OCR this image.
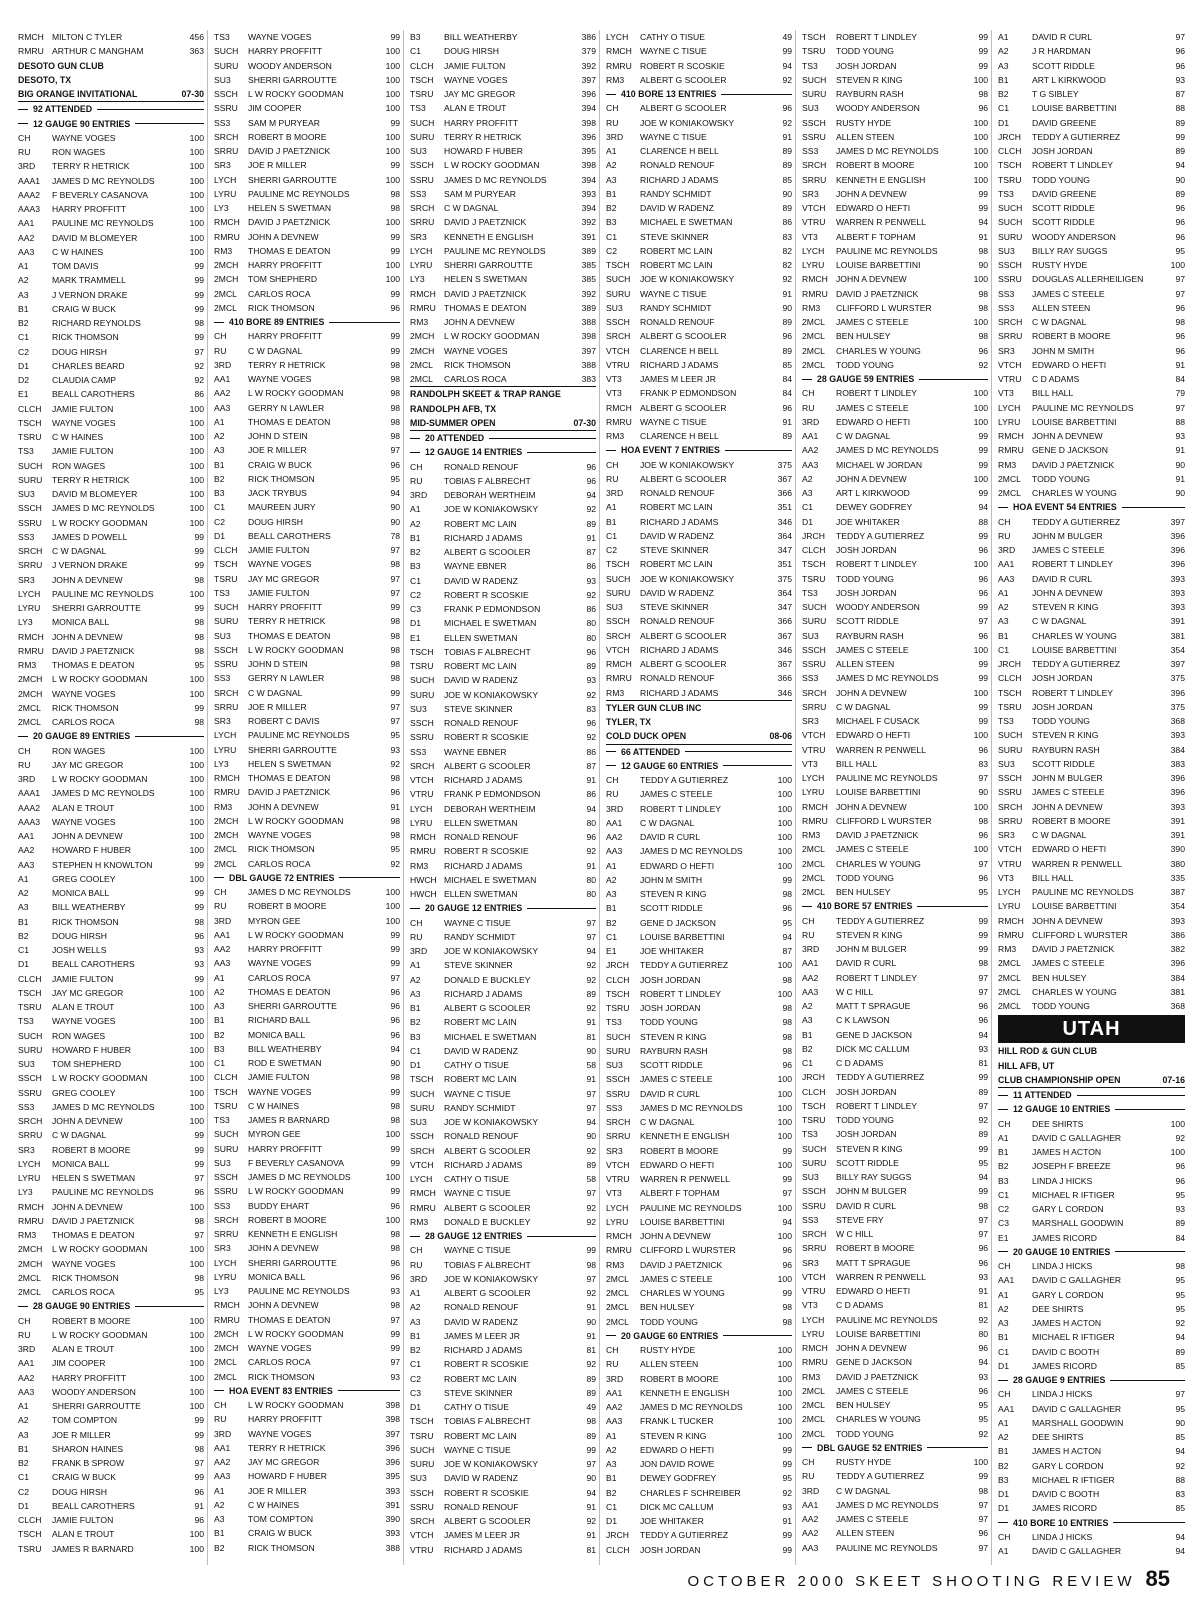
RMCH MILTON C TYLER	456
RMRU ARTHUR C MANGHAM	363
DESOTO GUN CLUB
DESOTO, TX
BIG ORANGE INVITATIONAL	07-30
92 ATTENDED
12 GAUGE 90 ENTRIES
CH	WAYNE VOGES	100
RU	RON WAGES	100
3RD	TERRY R HETRICK	100
AAA1	JAMES D MC REYNOLDS	100
AAA2	F BEVERLY CASANOVA	100
AAA3	HARRY PROFFITT	100
AA1	PAULINE MC REYNOLDS	100
AA2	DAVID M BLOMEYER	100
AA3	C W HAINES	100
A1	TOM DAVIS	99
A2	MARK TRAMMELL	99
A3	J VERNON DRAKE	99
B1	CRAIG W BUCK	99
B2	RICHARD REYNOLDS	98
C1	RICK THOMSON	99
C2	DOUG HIRSH	97
D1	CHARLES BEARD	92
D2	CLAUDIA CAMP	92
E1	BEALL CAROTHERS	86
CLCH	JAMIE FULTON	100
TSCH	WAYNE VOGES	100
TSRU	C W HAINES	100
TS3	JAMIE FULTON	100
SUCH	RON WAGES	100
SURU	TERRY R HETRICK	100
SU3	DAVID M BLOMEYER	100
SSCH	JAMES D MC REYNOLDS	100
SSRU	L W ROCKY GOODMAN	100
SS3	JAMES D POWELL	99
SRCH	C W DAGNAL	99
SRRU	J VERNON DRAKE	99
SR3	JOHN A DEVNEW	98
LYCH	PAULINE MC REYNOLDS	100
LYRU	SHERRI GARROUTTE	99
LY3	MONICA BALL	98
RMCH JOHN A DEVNEW	98
RMRU DAVID J PAETZNICK	98
RM3	THOMAS E DEATON	95
2MCH	L W ROCKY GOODMAN	100
2MCH	WAYNE VOGES	100
2MCL	RICK THOMSON	99
2MCL	CARLOS ROCA	98
20 GAUGE 89 ENTRIES
CH	RON WAGES	100
RU	JAY MC GREGOR	100
3RD	L W ROCKY GOODMAN	100
AAA1	JAMES D MC REYNOLDS	100
AAA2	ALAN E TROUT	100
AAA3	WAYNE VOGES	100
AA1	JOHN A DEVNEW	100
AA2	HOWARD F HUBER	100
AA3	STEPHEN H KNOWLTON	99
A1	GREG COOLEY	100
A2	MONICA BALL	99
A3	BILL WEATHERBY	99
B1	RICK THOMSON	98
B2	DOUG HIRSH	96
C1	JOSH WELLS	93
D1	BEALL CAROTHERS	93
CLCH	JAMIE FULTON	99
TSCH	JAY MC GREGOR	100
TSRU	ALAN E TROUT	100
TS3	WAYNE VOGES	100
SUCH	RON WAGES	100
SURU	HOWARD F HUBER	100
SU3	TOM SHEPHERD	100
SSCH	L W ROCKY GOODMAN	100
SSRU	GREG COOLEY	100
SS3	JAMES D MC REYNOLDS	100
SRCH	JOHN A DEVNEW	100
SRRU	C W DAGNAL	99
SR3	ROBERT B MOORE	99
LYCH	MONICA BALL	99
LYRU	HELEN S SWETMAN	97
LY3	PAULINE MC REYNOLDS	96
RMCH JOHN A DEVNEW	100
RMRU DAVID J PAETZNICK	98
RM3	THOMAS E DEATON	97
2MCH	L W ROCKY GOODMAN	100
2MCH	WAYNE VOGES	100
2MCL	RICK THOMSON	98
2MCL	CARLOS ROCA	95
28 GAUGE 90 ENTRIES
CH	ROBERT B MOORE	100
RU	L W ROCKY GOODMAN	100
3RD	ALAN E TROUT	100
AA1	JIM COOPER	100
AA2	HARRY PROFFITT	100
AA3	WOODY ANDERSON	100
A1	SHERRI GARROUTTE	100
A2	TOM COMPTON	99
A3	JOE R MILLER	99
B1	SHARON HAINES	98
B2	FRANK B SPROW	97
C1	CRAIG W BUCK	99
C2	DOUG HIRSH	96
D1	BEALL CAROTHERS	91
CLCH	JAMIE FULTON	96
TSCH	ALAN E TROUT	100
TSRU	JAMES R BARNARD	100
TS3	WAYNE VOGES	99
SUCH	HARRY PROFFITT	100
SURU	WOODY ANDERSON	100
SU3	SHERRI GARROUTTE	100
SSCH	L W ROCKY GOODMAN	100
SSRU	JIM COOPER	100
SS3	SAM M PURYEAR	99
SRCH	ROBERT B MOORE	100
SRRU	DAVID J PAETZNICK	100
SR3	JOE R MILLER	99
LYCH	SHERRI GARROUTTE	100
LYRU	PAULINE MC REYNOLDS	98
LY3	HELEN S SWETMAN	98
RMCH DAVID J PAETZNICK	100
RMRU JOHN A DEVNEW	99
RM3	THOMAS E DEATON	99
2MCH	HARRY PROFFITT	100
2MCH	TOM SHEPHERD	100
2MCL	CARLOS ROCA	99
2MCL	RICK THOMSON	96
410 BORE 89 ENTRIES
CH	HARRY PROFFITT	99
RU	C W DAGNAL	99
3RD	TERRY R HETRICK	98
AA1	WAYNE VOGES	98
AA2	L W ROCKY GOODMAN	98
AA3	GERRY N LAWLER	98
A1	THOMAS E DEATON	98
A2	JOHN D STEIN	98
A3	JOE R MILLER	97
B1	CRAIG W BUCK	96
B2	RICK THOMSON	95
B3	JACK TRYBUS	94
C1	MAUREEN JURY	90
C2	DOUG HIRSH	90
D1	BEALL CAROTHERS	78
CLCH	JAMIE FULTON	97
TSCH	WAYNE VOGES	98
TSRU	JAY MC GREGOR	97
TS3	JAMIE FULTON	97
SUCH	HARRY PROFFITT	99
SURU	TERRY R HETRICK	98
SU3	THOMAS E DEATON	98
SSCH	L W ROCKY GOODMAN	98
SSRU	JOHN D STEIN	98
SS3	GERRY N LAWLER	98
SRCH	C W DAGNAL	99
SRRU	JOE R MILLER	97
SR3	ROBERT C DAVIS	97
LYCH	PAULINE MC REYNOLDS	95
LYRU	SHERRI GARROUTTE	93
LY3	HELEN S SWETMAN	92
RMCH THOMAS E DEATON	98
RMRU DAVID J PAETZNICK	96
RM3	JOHN A DEVNEW	91
2MCH	L W ROCKY GOODMAN	98
2MCH	WAYNE VOGES	98
2MCL	RICK THOMSON	95
2MCL	CARLOS ROCA	92
DBL GAUGE 72 ENTRIES
CH	JAMES D MC REYNOLDS	100
RU	ROBERT B MOORE	100
3RD	MYRON GEE	100
AA1	L W ROCKY GOODMAN	99
AA2	HARRY PROFFITT	99
AA3	WAYNE VOGES	99
A1	CARLOS ROCA	97
A2	THOMAS E DEATON	96
A3	SHERRI GARROUTTE	96
B1	RICHARD BALL	96
B2	MONICA BALL	96
B3	BILL WEATHERBY	94
C1	ROD E SWETMAN	90
CLCH	JAMIE FULTON	98
TSCH	WAYNE VOGES	99
TSRU	C W HAINES	98
TS3	JAMES R BARNARD	98
SUCH	MYRON GEE	100
SURU	HARRY PROFFITT	99
SU3	F BEVERLY CASANOVA	99
SSCH	JAMES D MC REYNOLDS	100
SSRU	L W ROCKY GOODMAN	99
SS3	BUDDY EHART	96
SRCH	ROBERT B MOORE	100
SRRU	KENNETH E ENGLISH	98
SR3	JOHN A DEVNEW	98
LYCH	SHERRI GARROUTTE	96
LYRU	MONICA BALL	96
LY3	PAULINE MC REYNOLDS	93
RMCH JOHN A DEVNEW	98
RMRU THOMAS E DEATON	97
2MCH	L W ROCKY GOODMAN	99
2MCH	WAYNE VOGES	99
2MCL	CARLOS ROCA	97
2MCL	RICK THOMSON	93
HOA EVENT 83 ENTRIES
CH	L W ROCKY GOODMAN	398
RU	HARRY PROFFITT	398
3RD	WAYNE VOGES	397
AA1	TERRY R HETRICK	396
AA2	JAY MC GREGOR	396
AA3	HOWARD F HUBER	395
A1	JOE R MILLER	393
A2	C W HAINES	391
A3	TOM COMPTON	390
B1	CRAIG W BUCK	393
B2	RICK THOMSON	388
B3	BILL WEATHERBY	386
C1	DOUG HIRSH	379
CLCH	JAMIE FULTON	392
TSCH	WAYNE VOGES	397
TSRU	JAY MC GREGOR	396
TS3	ALAN E TROUT	394
SUCH	HARRY PROFFITT	398
SURU	TERRY R HETRICK	396
SU3	HOWARD F HUBER	395
SSCH	L W ROCKY GOODMAN	398
SSRU	JAMES D MC REYNOLDS	394
SS3	SAM M PURYEAR	393
SRCH	C W DAGNAL	394
SRRU	DAVID J PAETZNICK	392
SR3	KENNETH E ENGLISH	391
LYCH	PAULINE MC REYNOLDS	389
LYRU	SHERRI GARROUTTE	385
LY3	HELEN S SWETMAN	385
RMCH DAVID J PAETZNICK	392
RMRU THOMAS E DEATON	389
RM3	JOHN A DEVNEW	388
2MCH	L W ROCKY GOODMAN	398
2MCH	WAYNE VOGES	397
2MCL	RICK THOMSON	388
2MCL	CARLOS ROCA	383
RANDOLPH SKEET & TRAP RANGE
RANDOLPH AFB, TX
MID-SUMMER OPEN	07-30
20 ATTENDED
12 GAUGE 14 ENTRIES
CH	RONALD RENOUF	96
RU	TOBIAS F ALBRECHT	96
3RD	DEBORAH WERTHEIM	94
A1	JOE W KONIAKOWSKY	92
A2	ROBERT MC LAIN	89
B1	RICHARD J ADAMS	91
B2	ALBERT G SCOOLER	87
B3	WAYNE EBNER	86
C1	DAVID W RADENZ	93
C2	ROBERT R SCOSKIE	92
C3	FRANK P EDMONDSON	86
D1	MICHAEL E SWETMAN	80
E1	ELLEN SWETMAN	80
TSCH	TOBIAS F ALBRECHT	96
TSRU	ROBERT MC LAIN	89
SUCH	DAVID W RADENZ	93
SURU	JOE W KONIAKOWSKY	92
SU3	STEVE SKINNER	83
SSCH	RONALD RENOUF	96
SSRU	ROBERT R SCOSKIE	92
SS3	WAYNE EBNER	86
SRCH	ALBERT G SCOOLER	87
VTCH	RICHARD J ADAMS	91
VTRU	FRANK P EDMONDSON	86
LYCH	DEBORAH WERTHEIM	94
LYRU	ELLEN SWETMAN	80
RMCH RONALD RENOUF	96
RMRU ROBERT R SCOSKIE	92
RM3	RICHARD J ADAMS	91
HWCH MICHAEL E SWETMAN	80
HWCH ELLEN SWETMAN	80
20 GAUGE 12 ENTRIES
CH	WAYNE C TISUE	97
RU	RANDY SCHMIDT	97
3RD	JOE W KONIAKOWSKY	94
A1	STEVE SKINNER	92
A2	DONALD E BUCKLEY	92
A3	RICHARD J ADAMS	89
B1	ALBERT G SCOOLER	92
B2	ROBERT MC LAIN	91
B3	MICHAEL E SWETMAN	81
C1	DAVID W RADENZ	90
D1	CATHY O TISUE	58
TSCH	ROBERT MC LAIN	91
SUCH	WAYNE C TISUE	97
SURU	RANDY SCHMIDT	97
SU3	JOE W KONIAKOWSKY	94
SSCH	RONALD RENOUF	90
SRCH	ALBERT G SCOOLER	92
VTCH	RICHARD J ADAMS	89
LYCH	CATHY O TISUE	58
RMCH WAYNE C TISUE	97
RMRU ALBERT G SCOOLER	92
RM3	DONALD E BUCKLEY	92
28 GAUGE 12 ENTRIES
CH	WAYNE C TISUE	99
RU	TOBIAS F ALBRECHT	98
3RD	JOE W KONIAKOWSKY	97
A1	ALBERT G SCOOLER	92
A2	RONALD RENOUF	91
A3	DAVID W RADENZ	90
B1	JAMES M LEER JR	91
B2	RICHARD J ADAMS	81
C1	ROBERT R SCOSKIE	92
C2	ROBERT MC LAIN	89
C3	STEVE SKINNER	89
D1	CATHY O TISUE	49
TSCH	TOBIAS F ALBRECHT	98
TSRU	ROBERT MC LAIN	89
SUCH	WAYNE C TISUE	99
SURU	JOE W KONIAKOWSKY	97
SU3	DAVID W RADENZ	90
SSCH	ROBERT R SCOSKIE	94
SSRU	RONALD RENOUF	91
SRCH	ALBERT G SCOOLER	92
VTCH	JAMES M LEER JR	91
VTRU	RICHARD J ADAMS	81
LYCH	CATHY O TISUE	49
RMCH WAYNE C TISUE	99
RMRU ROBERT R SCOSKIE	94
RM3	ALBERT G SCOOLER	92
410 BORE 13 ENTRIES
CH	ALBERT G SCOOLER	96
RU	JOE W KONIAKOWSKY	92
3RD	WAYNE C TISUE	91
A1	CLARENCE H BELL	89
A2	RONALD RENOUF	89
A3	RICHARD J ADAMS	85
B1	RANDY SCHMIDT	90
B2	DAVID W RADENZ	89
B3	MICHAEL E SWETMAN	86
C1	STEVE SKINNER	83
C2	ROBERT MC LAIN	82
TSCH	ROBERT MC LAIN	82
SUCH	JOE W KONIAKOWSKY	92
SURU	WAYNE C TISUE	91
SU3	RANDY SCHMIDT	90
SSCH	RONALD RENOUF	89
SRCH	ALBERT G SCOOLER	96
VTCH	CLARENCE H BELL	89
VTRU	RICHARD J ADAMS	85
VT3	JAMES M LEER JR	84
VT3	FRANK P EDMONDSON	84
RMCH ALBERT G SCOOLER	96
RMRU WAYNE C TISUE	91
RM3	CLARENCE H BELL	89
HOA EVENT 7 ENTRIES
CH	JOE W KONIAKOWSKY	375
RU	ALBERT G SCOOLER	367
3RD	RONALD RENOUF	366
A1	ROBERT MC LAIN	351
B1	RICHARD J ADAMS	346
C1	DAVID W RADENZ	364
C2	STEVE SKINNER	347
TSCH	ROBERT MC LAIN	351
SUCH	JOE W KONIAKOWSKY	375
SURU	DAVID W RADENZ	364
SU3	STEVE SKINNER	347
SSCH	RONALD RENOUF	366
SRCH	ALBERT G SCOOLER	367
VTCH	RICHARD J ADAMS	346
RMCH ALBERT G SCOOLER	367
RMRU RONALD RENOUF	366
RM3	RICHARD J ADAMS	346
TYLER GUN CLUB INC
TYLER, TX
COLD DUCK OPEN	08-06
66 ATTENDED
12 GAUGE 60 ENTRIES
CH	TEDDY A GUTIERREZ	100
RU	JAMES C STEELE	100
3RD	ROBERT T LINDLEY	100
AA1	C W DAGNAL	100
AA2	DAVID R CURL	100
AA3	JAMES D MC REYNOLDS	100
A1	EDWARD O HEFTI	100
A2	JOHN M SMITH	99
A3	STEVEN R KING	98
B1	SCOTT RIDDLE	96
B2	GENE D JACKSON	95
C1	LOUISE BARBETTINI	94
E1	JOE WHITAKER	87
JRCH	TEDDY A GUTIERREZ	100
CLCH	JOSH JORDAN	98
TSCH	ROBERT T LINDLEY	100
TSRU	JOSH JORDAN	98
TS3	TODD YOUNG	98
SUCH	STEVEN R KING	98
SURU	RAYBURN RASH	98
SU3	SCOTT RIDDLE	96
SSCH	JAMES C STEELE	100
SSRU	DAVID R CURL	100
SS3	JAMES D MC REYNOLDS	100
SRCH	C W DAGNAL	100
SRRU	KENNETH E ENGLISH	100
SR3	ROBERT B MOORE	99
VTCH	EDWARD O HEFTI	100
VTRU	WARREN R PENWELL	99
VT3	ALBERT F TOPHAM	97
LYCH	PAULINE MC REYNOLDS	100
LYRU	LOUISE BARBETTINI	94
RMCH JOHN A DEVNEW	100
RMRU CLIFFORD L WURSTER	96
RM3	DAVID J PAETZNICK	96
2MCL	JAMES C STEELE	100
2MCL	CHARLES W YOUNG	99
2MCL	BEN HULSEY	98
2MCL	TODD YOUNG	98
20 GAUGE 60 ENTRIES
CH	RUSTY HYDE	100
RU	ALLEN STEEN	100
3RD	ROBERT B MOORE	100
AA1	KENNETH E ENGLISH	100
AA2	JAMES D MC REYNOLDS	100
AA3	FRANK L TUCKER	100
A1	STEVEN R KING	100
A2	EDWARD O HEFTI	99
A3	JON DAVID ROWE	99
B1	DEWEY GODFREY	95
B2	CHARLES F SCHREIBER	92
C1	DICK MC CALLUM	93
D1	JOE WHITAKER	91
JRCH	TEDDY A GUTIERREZ	99
CLCH	JOSH JORDAN	99
TSCH	ROBERT T LINDLEY	99
TSRU	TODD YOUNG	99
TS3	JOSH JORDAN	99
SUCH	STEVEN R KING	100
SURU	RAYBURN RASH	98
SU3	WOODY ANDERSON	96
SSCH	RUSTY HYDE	100
SSRU	ALLEN STEEN	100
SS3	JAMES D MC REYNOLDS	100
SRCH	ROBERT B MOORE	100
SRRU	KENNETH E ENGLISH	100
SR3	JOHN A DEVNEW	99
VTCH	EDWARD O HEFTI	99
VTRU	WARREN R PENWELL	94
VT3	ALBERT F TOPHAM	91
LYCH	PAULINE MC REYNOLDS	98
LYRU	LOUISE BARBETTINI	90
RMCH JOHN A DEVNEW	100
RMRU DAVID J PAETZNICK	98
RM3	CLIFFORD L WURSTER	98
2MCL	JAMES C STEELE	100
2MCL	BEN HULSEY	98
2MCL	CHARLES W YOUNG	96
2MCL	TODD YOUNG	92
28 GAUGE 59 ENTRIES
CH	ROBERT T LINDLEY	100
RU	JAMES C STEELE	100
3RD	EDWARD O HEFTI	100
AA1	C W DAGNAL	99
AA2	JAMES D MC REYNOLDS	99
AA3	MICHAEL W JORDAN	99
A2	JOHN A DEVNEW	100
A3	ART L KIRKWOOD	99
C1	DEWEY GODFREY	94
D1	JOE WHITAKER	88
JRCH	TEDDY A GUTIERREZ	99
CLCH	JOSH JORDAN	96
TSCH	ROBERT T LINDLEY	100
TSRU	TODD YOUNG	96
TS3	JOSH JORDAN	96
SUCH	WOODY ANDERSON	99
SURU	SCOTT RIDDLE	97
SU3	RAYBURN RASH	96
SSCH	JAMES C STEELE	100
SSRU	ALLEN STEEN	99
SS3	JAMES D MC REYNOLDS	99
SRCH	JOHN A DEVNEW	100
SRRU	C W DAGNAL	99
SR3	MICHAEL F CUSACK	99
VTCH	EDWARD O HEFTI	100
VTRU	WARREN R PENWELL	96
VT3	BILL HALL	83
LYCH	PAULINE MC REYNOLDS	97
LYRU	LOUISE BARBETTINI	90
RMCH JOHN A DEVNEW	100
RMRU CLIFFORD L WURSTER	98
RM3	DAVID J PAETZNICK	96
2MCL	JAMES C STEELE	100
2MCL	CHARLES W YOUNG	97
2MCL	TODD YOUNG	96
2MCL	BEN HULSEY	95
410 BORE 57 ENTRIES
CH	TEDDY A GUTIERREZ	99
RU	STEVEN R KING	99
3RD	JOHN M BULGER	99
AA1	DAVID R CURL	98
AA2	ROBERT T LINDLEY	97
AA3	W C HILL	97
A2	MATT T SPRAGUE	96
A3	C K LAWSON	96
B1	GENE D JACKSON	94
B2	DICK MC CALLUM	93
C1	C D ADAMS	81
JRCH	TEDDY A GUTIERREZ	99
CLCH	JOSH JORDAN	89
TSCH	ROBERT T LINDLEY	97
TSRU	TODD YOUNG	92
TS3	JOSH JORDAN	89
SUCH	STEVEN R KING	99
SURU	SCOTT RIDDLE	95
SU3	BILLY RAY SUGGS	94
SSCH	JOHN M BULGER	99
SSRU	DAVID R CURL	98
SS3	STEVE FRY	97
SRCH	W C HILL	97
SRRU	ROBERT B MOORE	96
SR3	MATT T SPRAGUE	96
VTCH	WARREN R PENWELL	93
VTRU	EDWARD O HEFTI	91
VT3	C D ADAMS	81
LYCH	PAULINE MC REYNOLDS	92
LYRU	LOUISE BARBETTINI	80
RMCH JOHN A DEVNEW	96
RMRU GENE D JACKSON	94
RM3	DAVID J PAETZNICK	93
2MCL	JAMES C STEELE	96
2MCL	BEN HULSEY	95
2MCL	CHARLES W YOUNG	95
2MCL	TODD YOUNG	92
DBL GAUGE 52 ENTRIES
CH	RUSTY HYDE	100
RU	TEDDY A GUTIERREZ	99
3RD	C W DAGNAL	98
AA1	JAMES D MC REYNOLDS	97
AA2	JAMES C STEELE	97
AA2	ALLEN STEEN	96
AA3	PAULINE MC REYNOLDS	97
A1	DAVID R CURL	97
A2	J R HARDMAN	96
A3	SCOTT RIDDLE	96
B1	ART L KIRKWOOD	93
B2	T G SIBLEY	87
C1	LOUISE BARBETTINI	88
D1	DAVID GREENE	89
JRCH	TEDDY A GUTIERREZ	99
CLCH	JOSH JORDAN	89
TSCH	ROBERT T LINDLEY	94
TSRU	TODD YOUNG	90
TS3	DAVID GREENE	89
SUCH	SCOTT RIDDLE	96
SUCH	SCOTT RIDDLE	96
SURU	WOODY ANDERSON	96
SU3	BILLY RAY SUGGS	95
SSCH	RUSTY HYDE	100
SSRU	DOUGLAS ALLERHEILIGEN	97
SS3	JAMES C STEELE	97
SS3	ALLEN STEEN	96
SRCH	C W DAGNAL	98
SRRU	ROBERT B MOORE	96
SR3	JOHN M SMITH	96
VTCH	EDWARD O HEFTI	91
VTRU	C D ADAMS	84
VT3	BILL HALL	79
LYCH	PAULINE MC REYNOLDS	97
LYRU	LOUISE BARBETTINI	88
RMCH JOHN A DEVNEW	93
RMRU GENE D JACKSON	91
RM3	DAVID J PAETZNICK	90
2MCL	TODD YOUNG	91
2MCL	CHARLES W YOUNG	90
HOA EVENT 54 ENTRIES
CH	TEDDY A GUTIERREZ	397
RU	JOHN M BULGER	396
3RD	JAMES C STEELE	396
AA1	ROBERT T LINDLEY	396
AA3	DAVID R CURL	393
A1	JOHN A DEVNEW	393
A2	STEVEN R KING	393
A3	C W DAGNAL	391
B1	CHARLES W YOUNG	381
C1	LOUISE BARBETTINI	354
JRCH	TEDDY A GUTIERREZ	397
CLCH	JOSH JORDAN	375
TSCH	ROBERT T LINDLEY	396
TSRU	JOSH JORDAN	375
TS3	TODD YOUNG	368
SUCH	STEVEN R KING	393
SURU	RAYBURN RASH	384
SU3	SCOTT RIDDLE	383
SSCH	JOHN M BULGER	396
SSRU	JAMES C STEELE	396
SRCH	JOHN A DEVNEW	393
SRRU	ROBERT B MOORE	391
SR3	C W DAGNAL	391
VTCH	EDWARD O HEFTI	390
VTRU	WARREN R PENWELL	380
VT3	BILL HALL	335
LYCH	PAULINE MC REYNOLDS	387
LYRU	LOUISE BARBETTINI	354
RMCH JOHN A DEVNEW	393
RMRU CLIFFORD L WURSTER	386
RM3	DAVID J PAETZNICK	382
2MCL	JAMES C STEELE	396
2MCL	BEN HULSEY	384
2MCL	CHARLES W YOUNG	381
2MCL	TODD YOUNG	368
UTAH
HILL ROD & GUN CLUB
HILL AFB, UT
CLUB CHAMPIONSHIP OPEN	07-16
11 ATTENDED
12 GAUGE 10 ENTRIES
CH	DEE SHIRTS	100
A1	DAVID C GALLAGHER	92
B1	JAMES H ACTON	100
B2	JOSEPH F BREEZE	96
B3	LINDA J HICKS	96
C1	MICHAEL R IFTIGER	95
C2	GARY L CORDON	93
C3	MARSHALL GOODWIN	89
E1	JAMES RICORD	84
20 GAUGE 10 ENTRIES
CH	LINDA J HICKS	98
AA1	DAVID C GALLAGHER	95
A1	GARY L CORDON	95
A2	DEE SHIRTS	95
A3	JAMES H ACTON	92
B1	MICHAEL R IFTIGER	94
C1	DAVID C BOOTH	89
D1	JAMES RICORD	85
28 GAUGE 9 ENTRIES
CH	LINDA J HICKS	97
AA1	DAVID C GALLAGHER	95
A1	MARSHALL GOODWIN	90
A2	DEE SHIRTS	85
B1	JAMES H ACTON	94
B2	GARY L CORDON	92
B3	MICHAEL R IFTIGER	88
D1	DAVID C BOOTH	83
D1	JAMES RICORD	85
410 BORE 10 ENTRIES
CH	LINDA J HICKS	94
A1	DAVID C GALLAGHER	94
OCTOBER 2000 SKEET SHOOTING REVIEW 85
